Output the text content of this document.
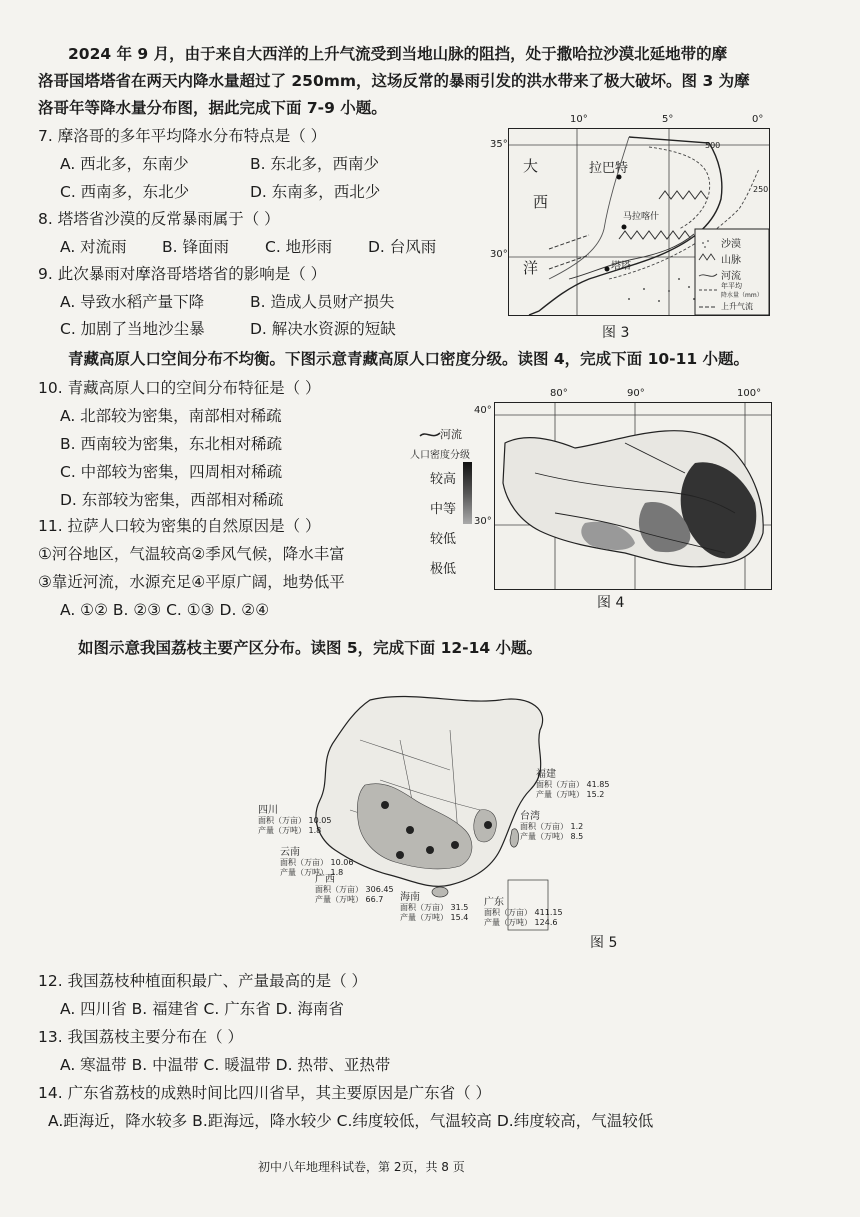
2024 年 9 月，由于来自大西洋的上升气流受到当地山脉的阻挡，处于撒哈拉沙漠北延地带的摩
洛哥国塔塔省在两天内降水量超过了 250mm，这场反常的暴雨引发的洪水带来了极大破坏。图 3 为摩
洛哥年等降水量分布图，据此完成下面 7-9 小题。
7. 摩洛哥的多年平均降水分布特点是（ ）
A. 西北多，东南少	B. 东北多，西南少
C. 西南多，东北少	D. 东南多，西北少
8. 塔塔省沙漠的反常暴雨属于（ ）
A. 对流雨 B. 锋面雨 C. 地形雨 D. 台风雨
9. 此次暴雨对摩洛哥塔塔省的影响是（ ）
A. 导致水稻产量下降	B. 造成人员财产损失
C. 加剧了当地沙尘暴	D. 解决水资源的短缺
10°	5°	0°
35°
30°
大
西
洋
拉巴特
马拉喀什
塔塔
500
250
沙漠
山脉
河流
年平均
降水量（mm）
上升气流
图 3
青藏高原人口空间分布不均衡。下图示意青藏高原人口密度分级。读图 4，完成下面 10-11 小题。
10. 青藏高原人口的空间分布特征是（ ）
A. 北部较为密集，南部相对稀疏
B. 西南较为密集，东北相对稀疏
C. 中部较为密集，四周相对稀疏
D. 东部较为密集，西部相对稀疏
11. 拉萨人口较为密集的自然原因是（ ）
①河谷地区，气温较高②季风气候，降水丰富
③靠近河流，水源充足④平原广阔，地势低平
A. ①② B. ②③ C. ①③ D. ②④
80°	90°	100°
40°
30°
河流
人口密度分级
较高
中等
较低
极低
图 4
如图示意我国荔枝主要产区分布。读图 5，完成下面 12-14 小题。
四川
面积（万亩） 10.05
产量（万吨） 1.8
云南
面积（万亩） 10.06
产量（万吨） 1.8
广西
面积（万亩） 306.45
产量（万吨） 66.7	海南
面积（万亩） 31.5
产量（万吨） 15.4
广东
面积（万亩） 411.15
产量（万吨） 124.6
福建
面积（万亩） 41.85
产量（万吨） 15.2
台湾
面积（万亩） 1.2
产量（万吨） 8.5
图 5
12. 我国荔枝种植面积最广、产量最高的是（ ）
A. 四川省 B. 福建省 C. 广东省 D. 海南省
13. 我国荔枝主要分布在（ ）
A. 寒温带 B. 中温带 C. 暖温带 D. 热带、亚热带
14. 广东省荔枝的成熟时间比四川省早，其主要原因是广东省（ ）
A.距海近，降水较多 B.距海远，降水较少 C.纬度较低，气温较高 D.纬度较高，气温较低
初中八年地理科试卷，第 2页，共 8 页
